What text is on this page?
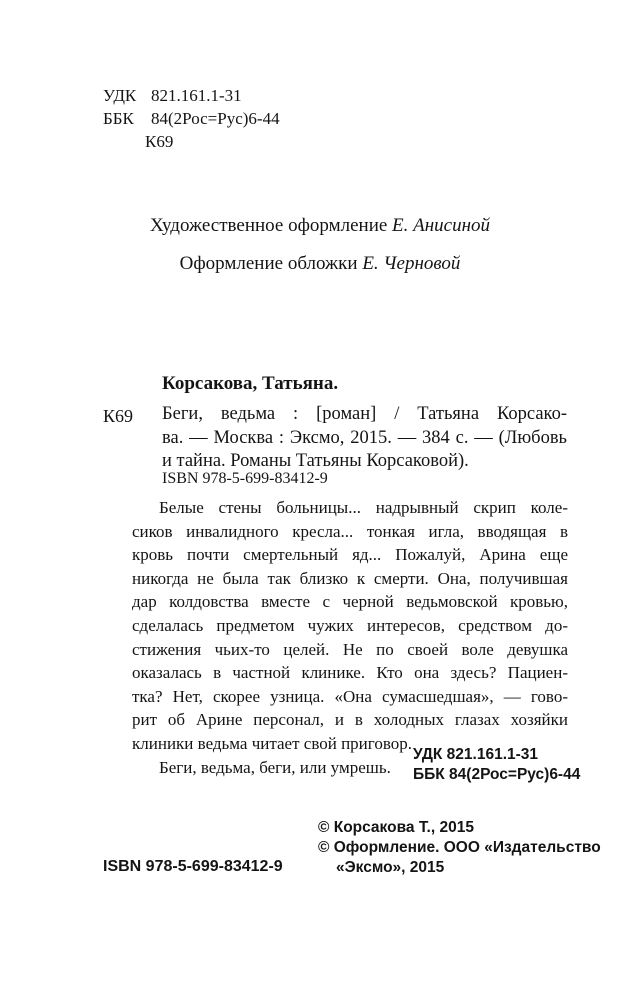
УДК 821.161.1-31
ББК 84(2Рос=Рус)6-44
К69
Художественное оформление Е. Анисиной
Оформление обложки Е. Черновой
Корсакова, Татьяна.
К69 Беги, ведьма : [роман] / Татьяна Корсако-
ва. — Москва : Эксмо, 2015. — 384 с. — (Любовь
и тайна. Романы Татьяны Корсаковой).
ISBN 978-5-699-83412-9
Белые стены больницы... надрывный скрип коле-
сиков инвалидного кресла... тонкая игла, вводящая в
кровь почти смертельный яд... Пожалуй, Арина еще
никогда не была так близко к смерти. Она, получившая
дар колдовства вместе с черной ведьмовской кровью,
сделалась предметом чужих интересов, средством до-
стижения чьих-то целей. Не по своей воле девушка
оказалась в частной клинике. Кто она здесь? Пациен-
тка? Нет, скорее узница. «Она сумасшедшая», — гово-
рит об Арине персонал, и в холодных глазах хозяйки
клиники ведьма читает свой приговор.
Беги, ведьма, беги, или умрешь.
УДК 821.161.1-31
ББК 84(2Рос=Рус)6-44
© Корсакова Т., 2015
© Оформление. ООО «Издательство
«Эксмо», 2015
ISBN 978-5-699-83412-9
